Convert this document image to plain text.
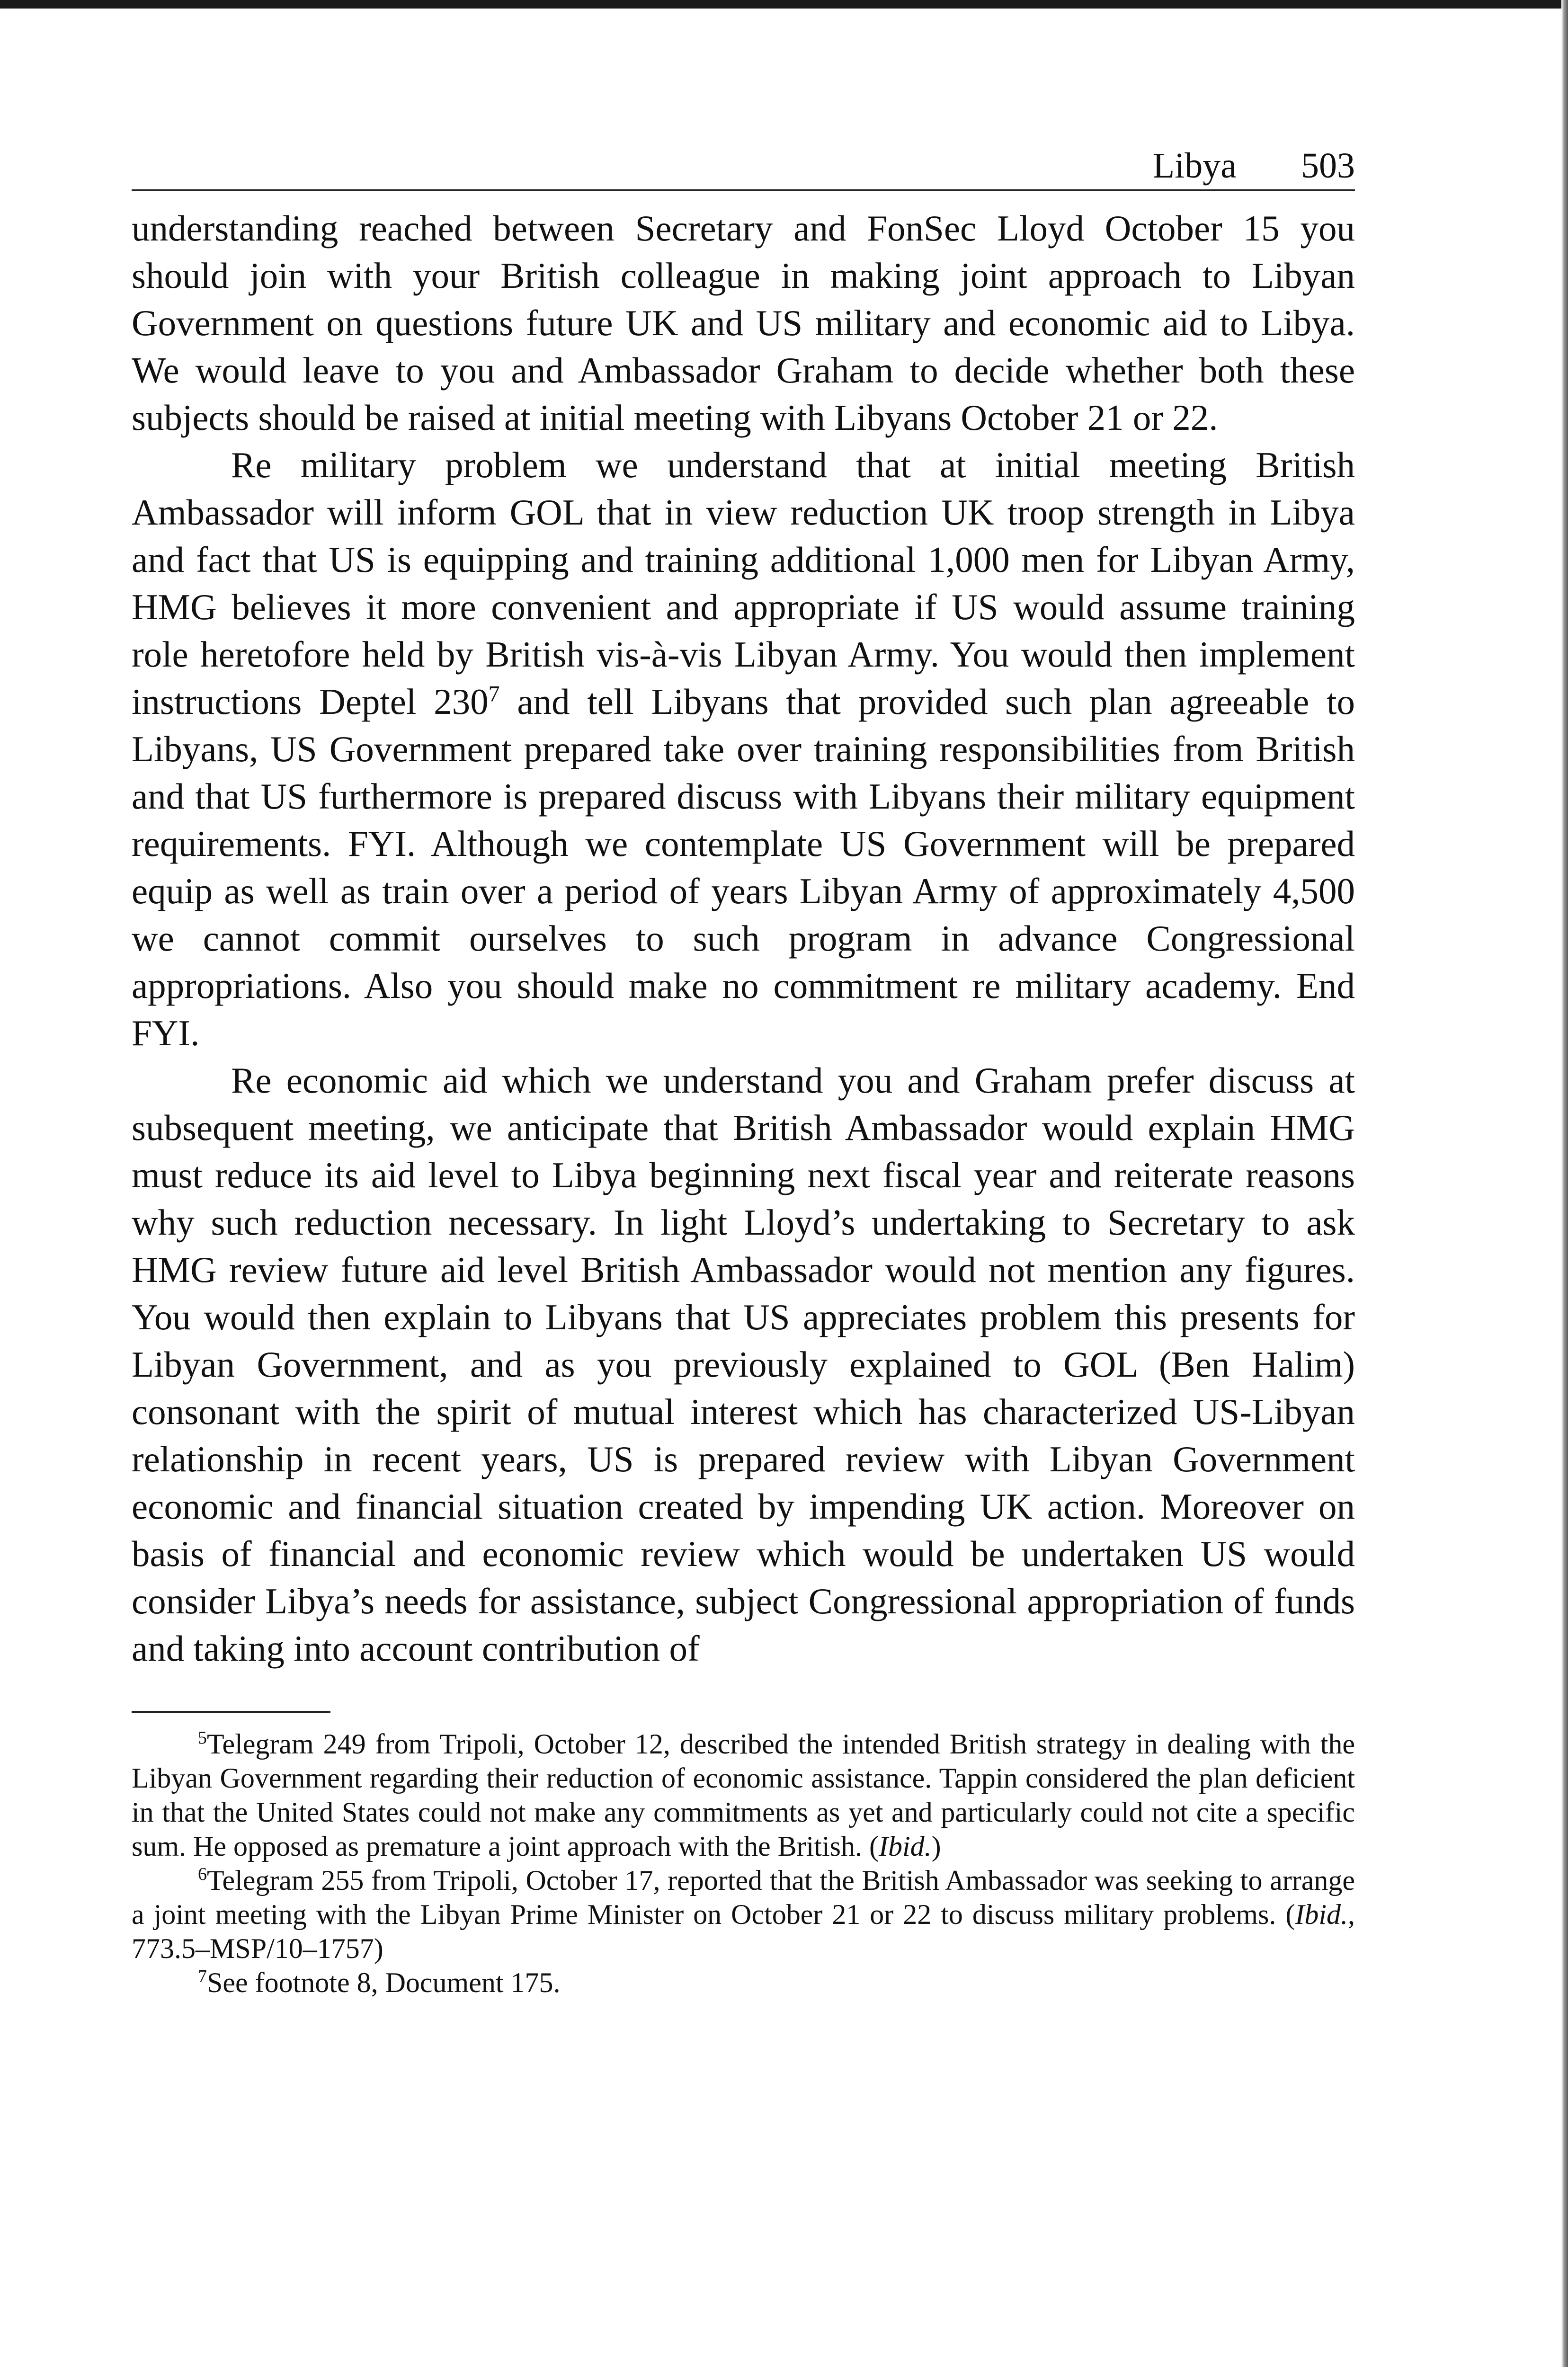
Libya 503

understanding reached between Secretary and FonSec Lloyd October 15 you should join with your British colleague in making joint approach to Libyan Government on questions future UK and US military and economic aid to Libya. We would leave to you and Ambassador Graham to decide whether both these subjects should be raised at initial meeting with Libyans October 21 or 22.

Re military problem we understand that at initial meeting British Ambassador will inform GOL that in view reduction UK troop strength in Libya and fact that US is equipping and training additional 1,000 men for Libyan Army, HMG believes it more convenient and appropriate if US would assume training role heretofore held by British vis-à-vis Libyan Army. You would then implement instructions Deptel $230^7$ and tell Libyans that provided such plan agreeable to Libyans, US Government prepared take over training responsibilities from British and that US furthermore is prepared discuss with Libyans their military equipment requirements. FYI. Although we contemplate US Government will be prepared equip as well as train over a period of years Libyan Army of approximately 4,500 we cannot commit ourselves to such program in advance Congressional appropriations. Also you should make no commitment re military academy. End FYI.

Re economic aid which we understand you and Graham prefer discuss at subsequent meeting, we anticipate that British Ambassador would explain HMG must reduce its aid level to Libya beginning next fiscal year and reiterate reasons why such reduction necessary. In light Lloyd’s undertaking to Secretary to ask HMG review future aid level British Ambassador would not mention any figures. You would then explain to Libyans that US appreciates problem this presents for Libyan Government, and as you previously explained to GOL (Ben Halim) consonant with the spirit of mutual interest which has characterized US-Libyan relationship in recent years, US is prepared review with Libyan Government economic and financial situation created by impending UK action. Moreover on basis of financial and economic review which would be undertaken US would consider Libya’s needs for assistance, subject Congressional appropriation of funds and taking into account contribution of

$^5$Telegram 249 from Tripoli, October 12, described the intended British strategy in dealing with the Libyan Government regarding their reduction of economic assistance. Tappin considered the plan deficient in that the United States could not make any commitments as yet and particularly could not cite a specific sum. He opposed as premature a joint approach with the British. (Ibid.)

$^6$Telegram 255 from Tripoli, October 17, reported that the British Ambassador was seeking to arrange a joint meeting with the Libyan Prime Minister on October 21 or 22 to discuss military problems. (Ibid., 773.5–MSP/10–1757)

$^7$See footnote 8, Document 175.
